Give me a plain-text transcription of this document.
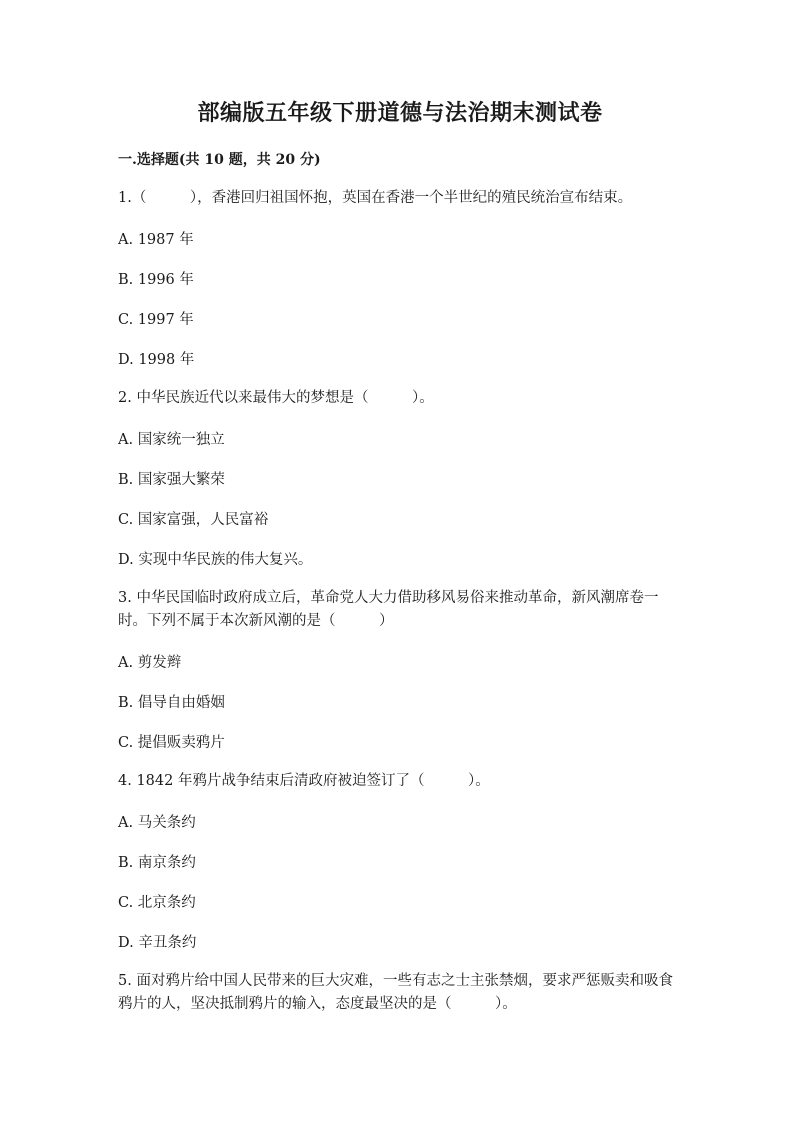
部编版五年级下册道德与法治期末测试卷
一.选择题(共 10 题，共 20 分)
1.（　　　），香港回归祖国怀抱，英国在香港一个半世纪的殖民统治宣布结束。
A. 1987 年
B. 1996 年
C. 1997 年
D. 1998 年
2. 中华民族近代以来最伟大的梦想是（　　　）。
A. 国家统一独立
B. 国家强大繁荣
C. 国家富强，人民富裕
D. 实现中华民族的伟大复兴。
3. 中华民国临时政府成立后，革命党人大力借助移风易俗来推动革命，新风潮席卷一时。下列不属于本次新风潮的是（　　　）
A. 剪发辫
B. 倡导自由婚姻
C. 提倡贩卖鸦片
4. 1842 年鸦片战争结束后清政府被迫签订了（　　　）。
A. 马关条约
B. 南京条约
C. 北京条约
D. 辛丑条约
5. 面对鸦片给中国人民带来的巨大灾难，一些有志之士主张禁烟，要求严惩贩卖和吸食鸦片的人，坚决抵制鸦片的输入，态度最坚决的是（　　　）。
